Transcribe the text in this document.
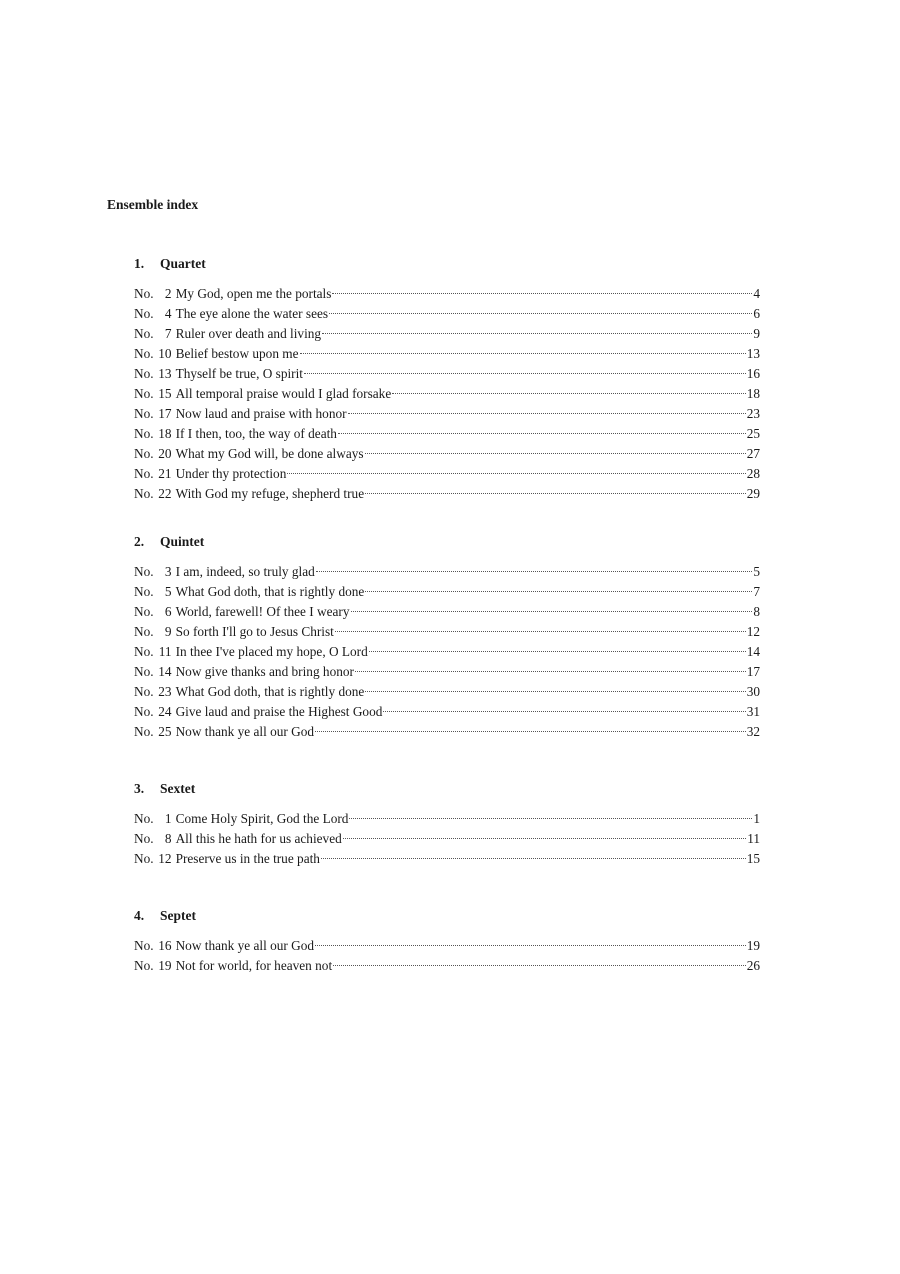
Ensemble index
1. Quartet
No. 2 My God, open me the portals	4
No. 4 The eye alone the water sees	6
No. 7 Ruler over death and living	9
No. 10 Belief bestow upon me	13
No. 13 Thyself be true, O spirit	16
No. 15 All temporal praise would I glad forsake	18
No. 17 Now laud and praise with honor	23
No. 18 If I then, too, the way of death	25
No. 20 What my God will, be done always	27
No. 21 Under thy protection	28
No. 22 With God my refuge, shepherd true	29
2. Quintet
No. 3 I am, indeed, so truly glad	5
No. 5 What God doth, that is rightly done	7
No. 6 World, farewell! Of thee I weary	8
No. 9 So forth I'll go to Jesus Christ	12
No. 11 In thee I've placed my hope, O Lord	14
No. 14 Now give thanks and bring honor	17
No. 23 What God doth, that is rightly done	30
No. 24 Give laud and praise the Highest Good	31
No. 25 Now thank ye all our God	32
3. Sextet
No. 1 Come Holy Spirit, God the Lord	1
No. 8 All this he hath for us achieved	11
No. 12 Preserve us in the true path	15
4. Septet
No. 16 Now thank ye all our God	19
No. 19 Not for world, for heaven not	26
